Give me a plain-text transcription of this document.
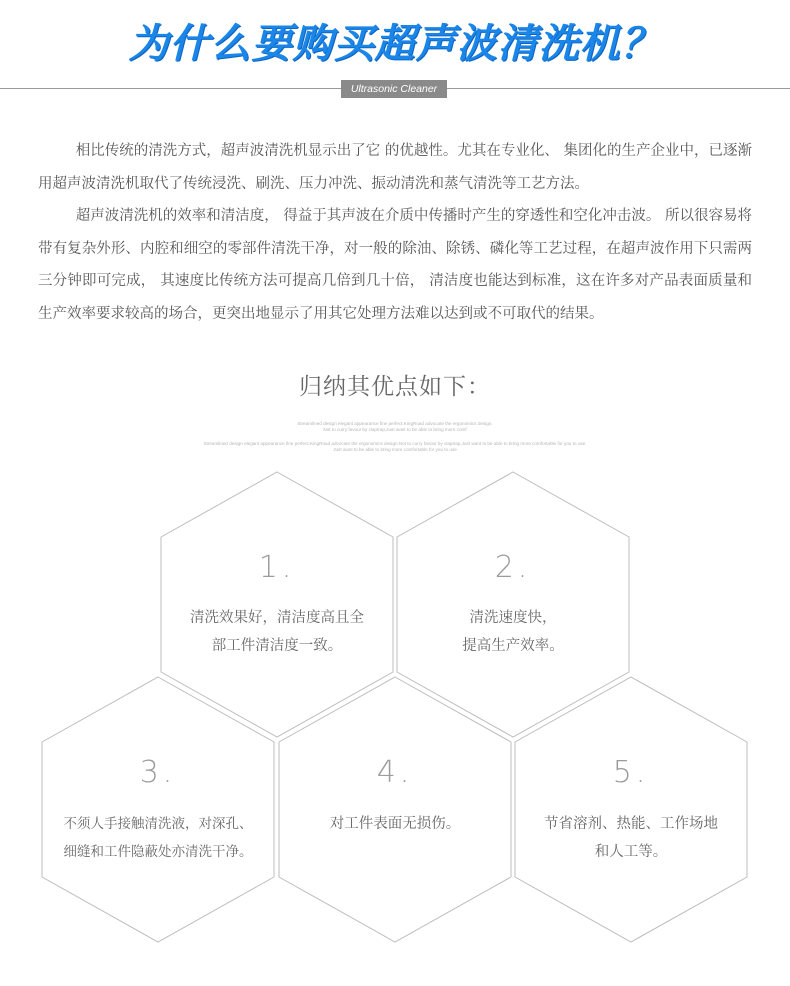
为什么要购买超声波清洗机？
Ultrasonic Cleaner

相比传统的清洗方式，超声波清洗机显示出了它 的优越性。尤其在专业化、 集团化的生产企业中，已逐渐用超声波清洗机取代了传统浸洗、刷洗、压力冲洗、振动清洗和蒸气清洗等工艺方法。

超声波清洗机的效率和清洁度， 得益于其声波在介质中传播时产生的穿透性和空化冲击波。 所以很容易将带有复杂外形、内腔和细空的零部件清洗干净，对一般的除油、除锈、磷化等工艺过程，在超声波作用下只需两三分钟即可完成， 其速度比传统方法可提高几倍到几十倍， 清洁度也能达到标准，这在许多对产品表面质量和生产效率要求较高的场合，更突出地显示了用其它处理方法难以达到或不可取代的结果。

归纳其优点如下：
Streamlined design elegant appearance fine perfect.KingRoad advocate the ergonomics design.
Not to curry favour by claptrap,Just want to be able to bring more comf
Streamlined design elegant appearance fine perfect.KingRoad advocate the ergonomics design.Not to curry favour by claptrap,Just want to be able to bring more comfortable for you to use.
Just want to be able to bring more comfortable for you to use
1.
清洗效果好，清洁度高且全
部工件清洁度一致。
2.
清洗速度快，
提高生产效率。
3.
不须人手接触清洗液，对深孔、
细缝和工件隐蔽处亦清洗干净。
4.
对工件表面无损伤。
5.
节省溶剂、热能、工作场地
和人工等。
